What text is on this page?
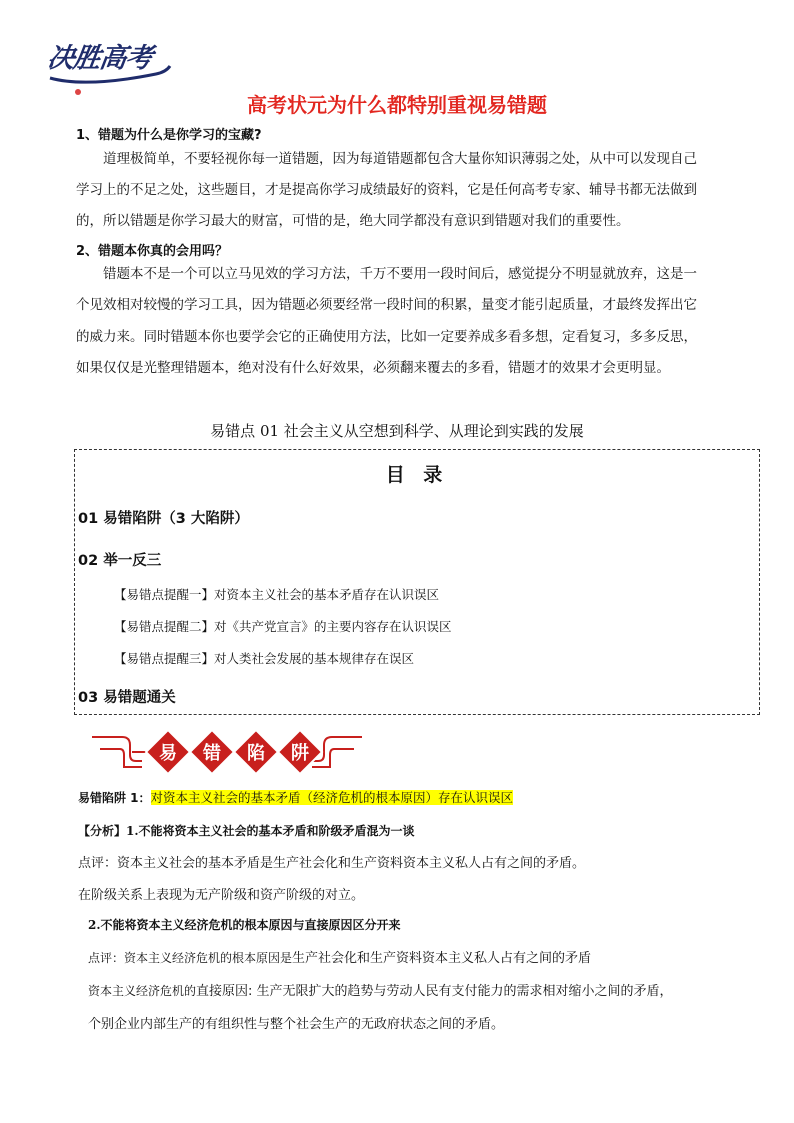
决胜高考
高考状元为什么都特别重视易错题
1、错题为什么是你学习的宝藏?
道理极简单，不要轻视你每一道错题，因为每道错题都包含大量你知识薄弱之处，从中可以发现自己
学习上的不足之处，这些题目，才是提高你学习成绩最好的资料，它是任何高考专家、辅导书都无法做到
的，所以错题是你学习最大的财富，可惜的是，绝大同学都没有意识到错题对我们的重要性。
2、错题本你真的会用吗？
错题本不是一个可以立马见效的学习方法，千万不要用一段时间后，感觉提分不明显就放弃，这是一
个见效相对较慢的学习工具，因为错题必须要经常一段时间的积累，量变才能引起质量，才最终发挥出它
的威力来。同时错题本你也要学会它的正确使用方法，比如一定要养成多看多想，定看复习，多多反思，
如果仅仅是光整理错题本，绝对没有什么好效果，必须翻来覆去的多看，错题才的效果才会更明显。
易错点 01 社会主义从空想到科学、从理论到实践的发展
目 录
01 易错陷阱（3 大陷阱）
02 举一反三
【易错点提醒一】对资本主义社会的基本矛盾存在认识误区
【易错点提醒二】对《共产党宣言》的主要内容存在认识误区
【易错点提醒三】对人类社会发展的基本规律存在误区
03 易错题通关
易 错 陷 阱
易错陷阱 1：对资本主义社会的基本矛盾（经济危机的根本原因）存在认识误区
【分析】1.不能将资本主义社会的基本矛盾和阶级矛盾混为一谈
点评：资本主义社会的基本矛盾是生产社会化和生产资料资本主义私人占有之间的矛盾。
在阶级关系上表现为无产阶级和资产阶级的对立。
2.不能将资本主义经济危机的根本原因与直接原因区分开来
点评：资本主义经济危机的根本原因是生产社会化和生产资料资本主义私人占有之间的矛盾
资本主义经济危机的直接原因: 生产无限扩大的趋势与劳动人民有支付能力的需求相对缩小之间的矛盾，
个别企业内部生产的有组织性与整个社会生产的无政府状态之间的矛盾。
